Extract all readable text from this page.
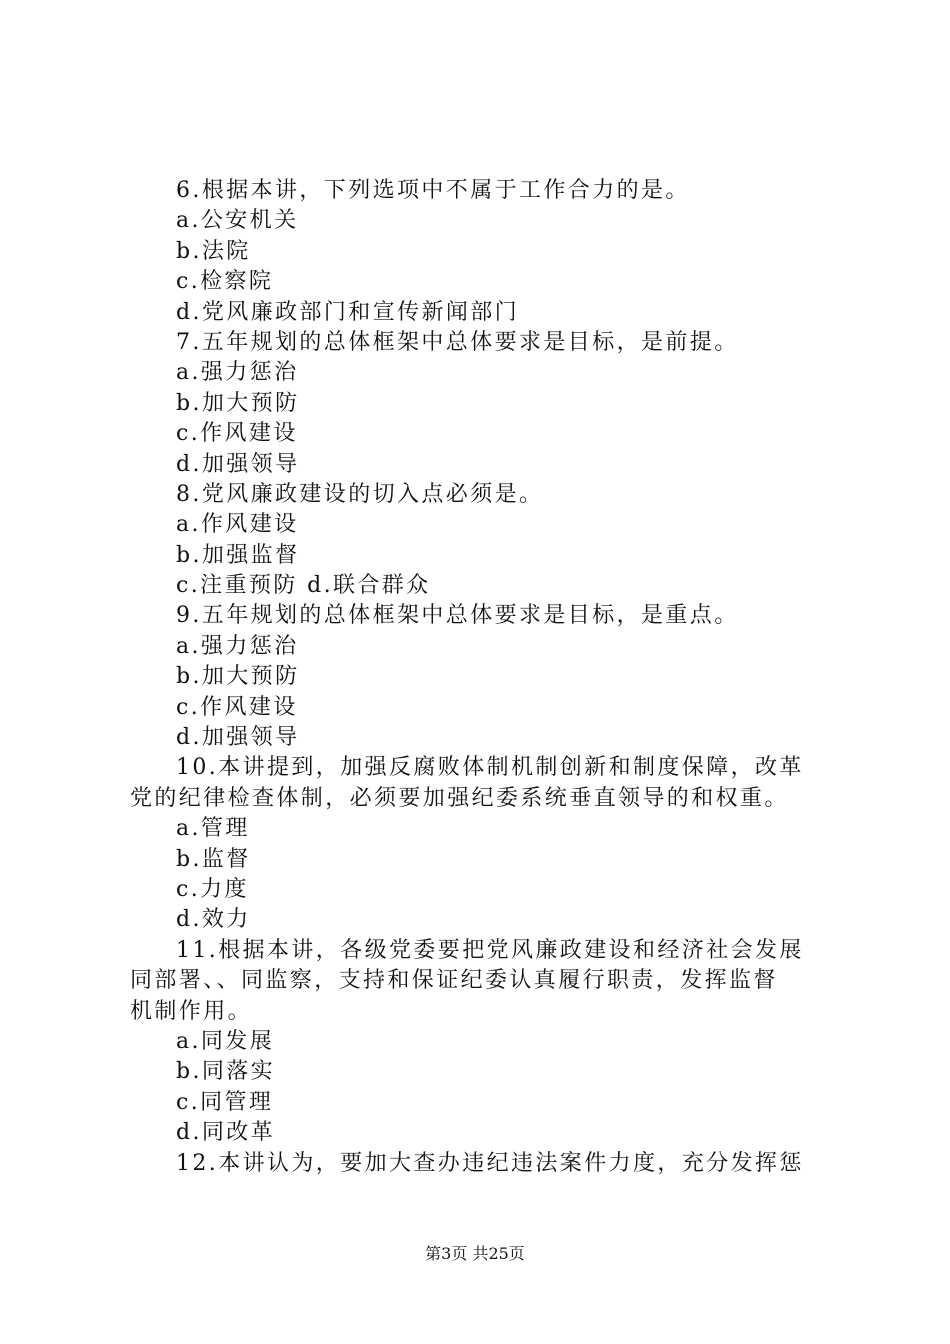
6.根据本讲，下列选项中不属于工作合力的是。
a.公安机关
b.法院
c.检察院
d.党风廉政部门和宣传新闻部门
7.五年规划的总体框架中总体要求是目标，是前提。
a.强力惩治
b.加大预防
c.作风建设
d.加强领导
8.党风廉政建设的切入点必须是。
a.作风建设
b.加强监督
c.注重预防 d.联合群众
9.五年规划的总体框架中总体要求是目标，是重点。
a.强力惩治
b.加大预防
c.作风建设
d.加强领导
10.本讲提到，加强反腐败体制机制创新和制度保障，改革
党的纪律检查体制，必须要加强纪委系统垂直领导的和权重。
a.管理
b.监督
c.力度
d.效力
11.根据本讲，各级党委要把党风廉政建设和经济社会发展
同部署、、同监察，支持和保证纪委认真履行职责，发挥监督
机制作用。
a.同发展
b.同落实
c.同管理
d.同改革
12.本讲认为，要加大查办违纪违法案件力度，充分发挥惩
第3页 共25页
